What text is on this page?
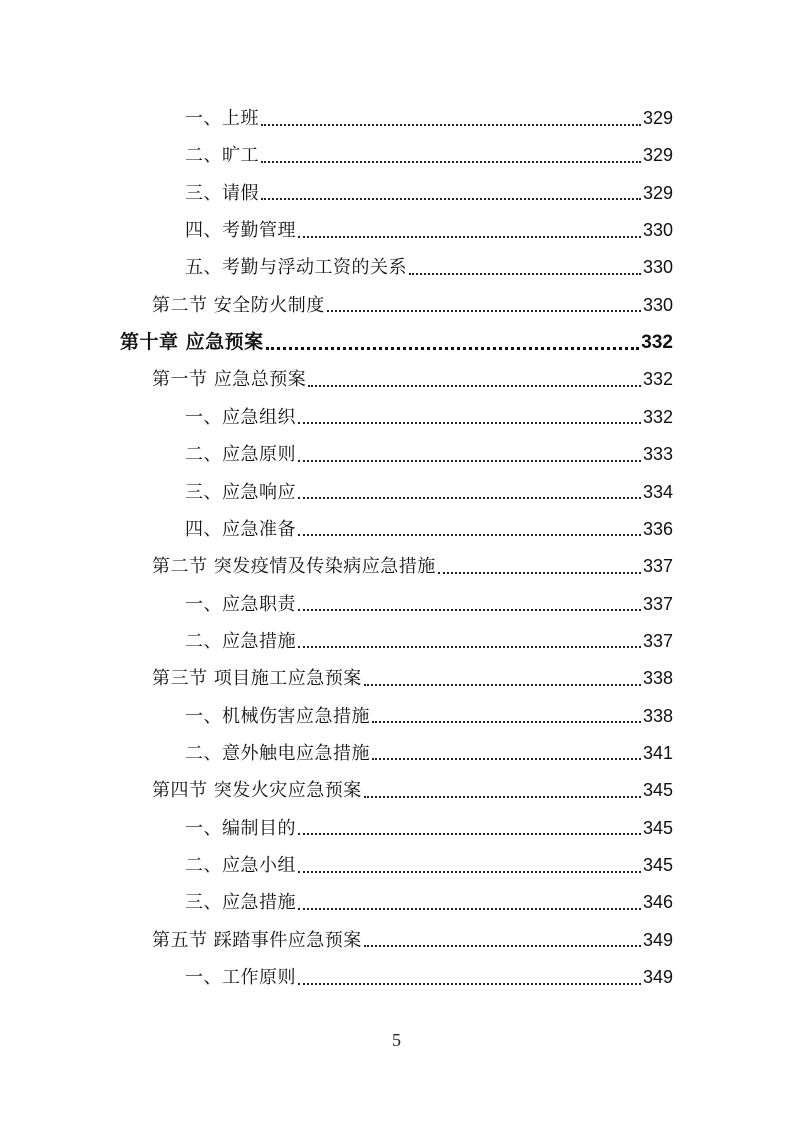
一、上班	329
二、旷工	329
三、请假	329
四、考勤管理	330
五、考勤与浮动工资的关系	330
第二节 安全防火制度	330
第十章 应急预案	332
第一节 应急总预案	332
一、应急组织	332
二、应急原则	333
三、应急响应	334
四、应急准备	336
第二节 突发疫情及传染病应急措施	337
一、应急职责	337
二、应急措施	337
第三节 项目施工应急预案	338
一、机械伤害应急措施	338
二、意外触电应急措施	341
第四节 突发火灾应急预案	345
一、编制目的	345
二、应急小组	345
三、应急措施	346
第五节 踩踏事件应急预案	349
一、工作原则	349
5
